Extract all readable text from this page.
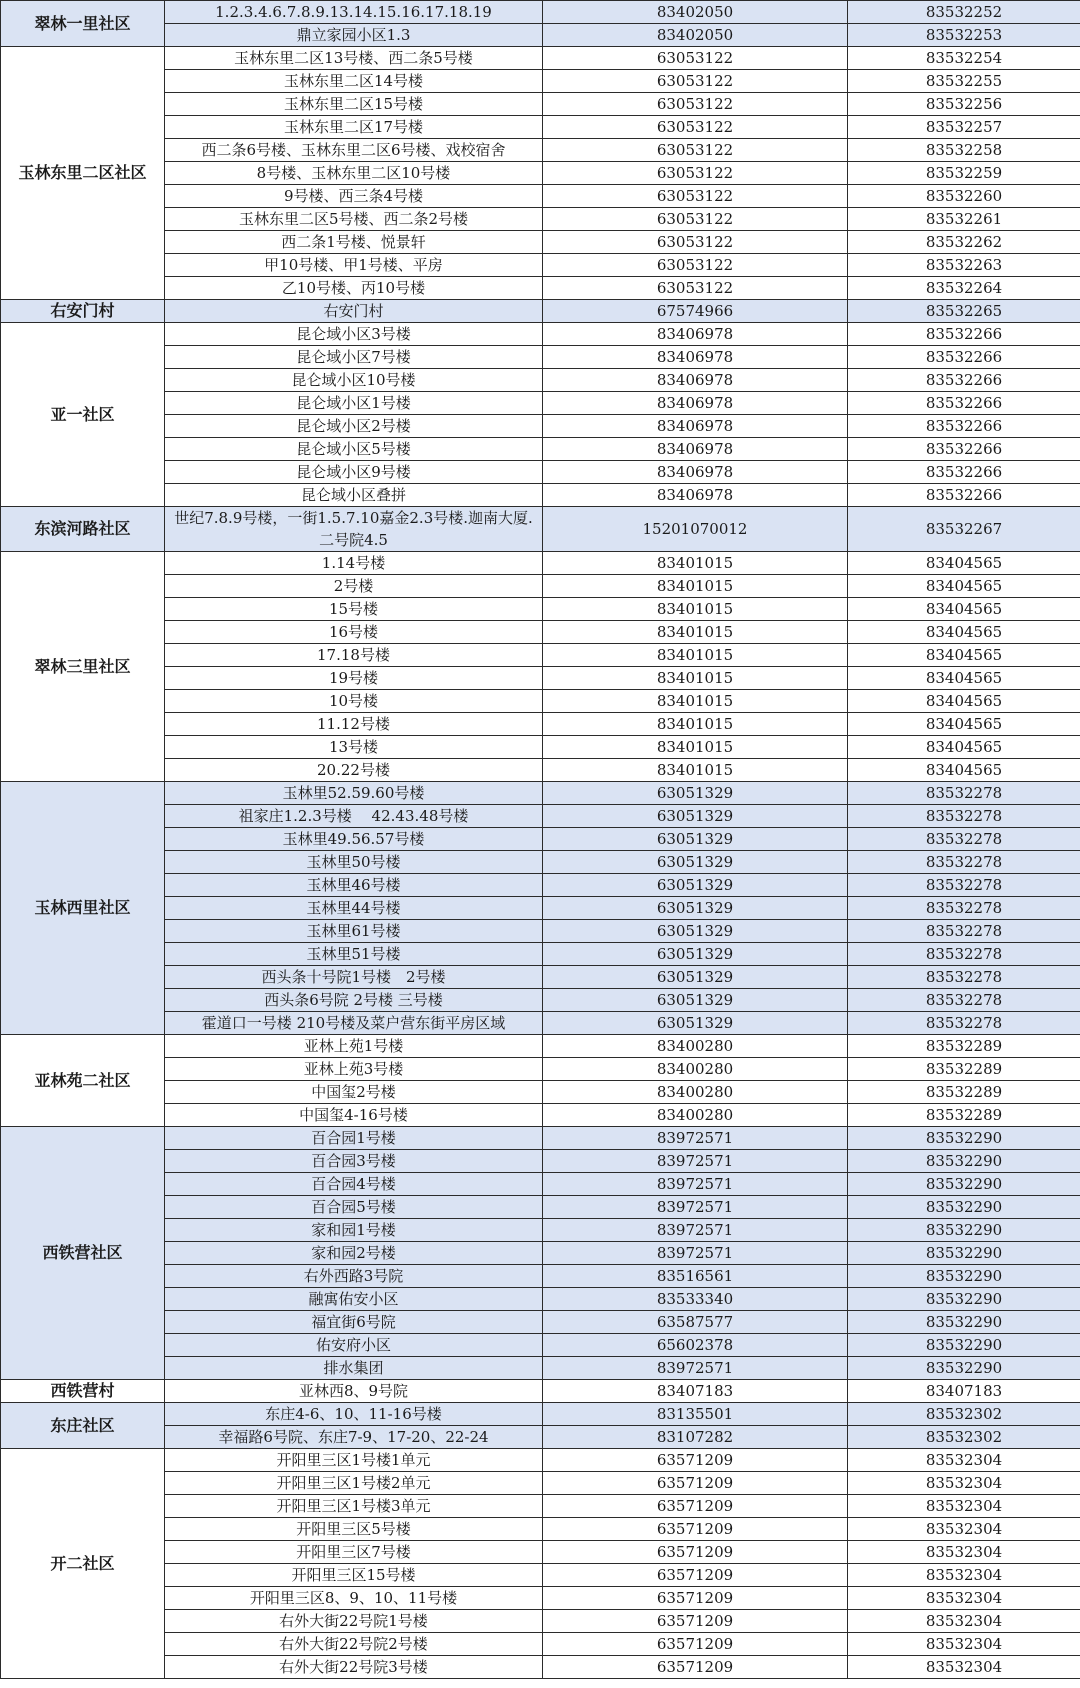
翠林一里社区	1.2.3.4.6.7.8.9.13.14.15.16.17.18.19	83402050	83532252
	鼎立家园小区1.3	83402050	83532253
玉林东里二区社区	玉林东里二区13号楼、西二条5号楼	63053122	83532254
	玉林东里二区14号楼	63053122	83532255
	玉林东里二区15号楼	63053122	83532256
	玉林东里二区17号楼	63053122	83532257
	西二条6号楼、玉林东里二区6号楼、戏校宿舍	63053122	83532258
	8号楼、玉林东里二区10号楼	63053122	83532259
	9号楼、西三条4号楼	63053122	83532260
	玉林东里二区5号楼、西二条2号楼	63053122	83532261
	西二条1号楼、悦景轩	63053122	83532262
	甲10号楼、甲1号楼、平房	63053122	83532263
	乙10号楼、丙10号楼	63053122	83532264
右安门村	右安门村	67574966	83532265
亚一社区	昆仑域小区3号楼	83406978	83532266
	昆仑域小区7号楼	83406978	83532266
	昆仑域小区10号楼	83406978	83532266
	昆仑域小区1号楼	83406978	83532266
	昆仑域小区2号楼	83406978	83532266
	昆仑域小区5号楼	83406978	83532266
	昆仑域小区9号楼	83406978	83532266
	昆仑域小区叠拼	83406978	83532266
东滨河路社区	世纪7.8.9号楼，一街1.5.7.10嘉金2.3号楼.迦南大厦.二号院4.5	15201070012	83532267
翠林三里社区	1.14号楼	83401015	83404565
	2号楼	83401015	83404565
	15号楼	83401015	83404565
	16号楼	83401015	83404565
	17.18号楼	83401015	83404565
	19号楼	83401015	83404565
	10号楼	83401015	83404565
	11.12号楼	83401015	83404565
	13号楼	83401015	83404565
	20.22号楼	83401015	83404565
玉林西里社区	玉林里52.59.60号楼	63051329	83532278
	祖家庄1.2.3号楼　 42.43.48号楼	63051329	83532278
	玉林里49.56.57号楼	63051329	83532278
	玉林里50号楼	63051329	83532278
	玉林里46号楼	63051329	83532278
	玉林里44号楼	63051329	83532278
	玉林里61号楼	63051329	83532278
	玉林里51号楼	63051329	83532278
	西头条十号院1号楼　2号楼	63051329	83532278
	西头条6号院 2号楼 三号楼	63051329	83532278
	霍道口一号楼 210号楼及菜户营东街平房区域	63051329	83532278
亚林苑二社区	亚林上苑1号楼	83400280	83532289
	亚林上苑3号楼	83400280	83532289
	中国玺2号楼	83400280	83532289
	中国玺4-16号楼	83400280	83532289
西铁营社区	百合园1号楼	83972571	83532290
	百合园3号楼	83972571	83532290
	百合园4号楼	83972571	83532290
	百合园5号楼	83972571	83532290
	家和园1号楼	83972571	83532290
	家和园2号楼	83972571	83532290
	右外西路3号院	83516561	83532290
	融寓佑安小区	83533340	83532290
	福宜街6号院	63587577	83532290
	佑安府小区	65602378	83532290
	排水集团	83972571	83532290
西铁营村	亚林西8、9号院	83407183	83407183
东庄社区	东庄4-6、10、11-16号楼	83135501	83532302
	幸福路6号院、东庄7-9、17-20、22-24	83107282	83532302
开二社区	开阳里三区1号楼1单元	63571209	83532304
	开阳里三区1号楼2单元	63571209	83532304
	开阳里三区1号楼3单元	63571209	83532304
	开阳里三区5号楼	63571209	83532304
	开阳里三区7号楼	63571209	83532304
	开阳里三区15号楼	63571209	83532304
	开阳里三区8、9、10、11号楼	63571209	83532304
	右外大街22号院1号楼	63571209	83532304
	右外大街22号院2号楼	63571209	83532304
	右外大街22号院3号楼	63571209	83532304
